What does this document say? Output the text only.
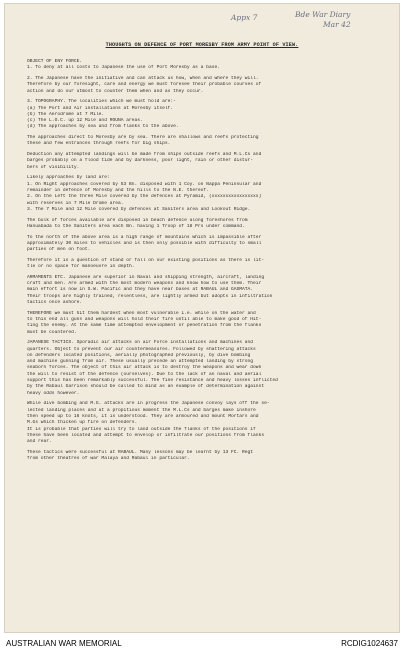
Appx 7	Bde War Diary
Mar 42
THOUGHTS ON DEFENCE OF PORT MORESBY FROM ARMY POINT OF VIEW.
OBJECT OF ENY FORCE.
1. To deny at all costs to Japanese the use of Port Moresby as a base.
2. The Japanese have the initiative and can attack us how, when and where they will.
Therefore by our foresight, care and energy we must foresee their probable courses of
action and do our utmost to counter them when and as they occur.
3. TOPOGRAPHY. The localities which we must hold are:-
(a) The Port and Air installations at Moresby itself.
(b) The Aerodrome at 7 Mile.
(c) The L.O.C. up 12 Mile and ROUNA areas.
(d) The approaches by sea and from flanks to the above.
The approaches direct to Moresby are by sea. There are shallows and reefs protecting
these and few entrances through reefs for big ships.
Deduction any attempted landings will be made from ships outside reefs and M.L.Cs and
barges probably on a flood tide and by darkness, poor light, rain or other distur-
bers of visibility.
Likely approaches by land are:
1. On Right approaches covered by 53 Bn. disposed with 1 Coy. on Nappa Peninsular and
remainder in defence of Moresby and the hills to the N.E. thereof.
2. On the Left the three Mile covered by the defences at Pyramid, (xxxxxxxxxxxxxxxxx)
with reserves in 7 Mile Drome area.
3. The 7 Mile and 12 Mile covered by defences at Saniters area and Lookout Ridge.
The bulk of forces available are disposed in beach defence along foreshores from
Hanuabada to the Saniters area each Bn. having 1 Troop of 18 Prs under command.
To the north of the above area is a high range of mountains which is impassible after
approximately 30 miles to vehicles and is then only possible with difficulty to small
parties of men on foot.
Therefore it is a question of stand or fall on our existing positions as there is lit-
tle or no space for manoeuvre in depth.
ARMAMENTS ETC. Japanese are superior in Naval and shipping strength, aircraft, landing
craft and men. Are armed with the most modern weapons and know how to use them. Their
main effort is now in S.W. Pacific and they have near bases at RABAUL and GASMATA.
Their troops are highly trained, relentless, are lightly armed but adopts in infiltration
tactics once ashore.
THEREFORE we must hit them hardest when most vulnerable i.e. while on the water and
to this end all guns and weapons will hold their fire until able to make good of Hit-
ting the enemy. At the same time attempted envelopment or penetration from the flanks
must be countered.
JAPANESE TACTICS. Sporadic air attacks on air Force installations and machines and
quarters. Object to prevent our air countermeasures. Followed by shattering attacks
on defenders located positions, aerially photographed previously, by dive bombing
and machine gunning from air. These usually precede an attempted landing by strong
seaborn forces. The object of this air attack is to destroy the weapons and wear down
the will to resist of the defence (ourselves). Due to the lack of an naval and aerial
support this has been remarkably successful. The fine resistance and heavy losses inflicted
by the Rabaul Garrison should be called to mind as an example of determination against
heavy odds however.
While dive bombing and M.G. attacks are in progress the Japanese convoy lays off the se-
lected landing places and at a propitious moment the M.L.Cs and barges make inshore
then speed up to 16 knots, it is understood. They are armoured and mount Mortars and
M.Gs which thicken up fire on defenders.
It is probable that parties will try to land outside the flanks of the positions if
these have been located and attempt to envelop or infiltrate our positions from flanks
and rear.
These tactics were successful at RABAUL. Many lessons may be learnt by 13 FC. Regt
from other theatres of war Malaya and Rabaul in particular.
AUSTRALIAN WAR MEMORIAL	RCDIG1024637
